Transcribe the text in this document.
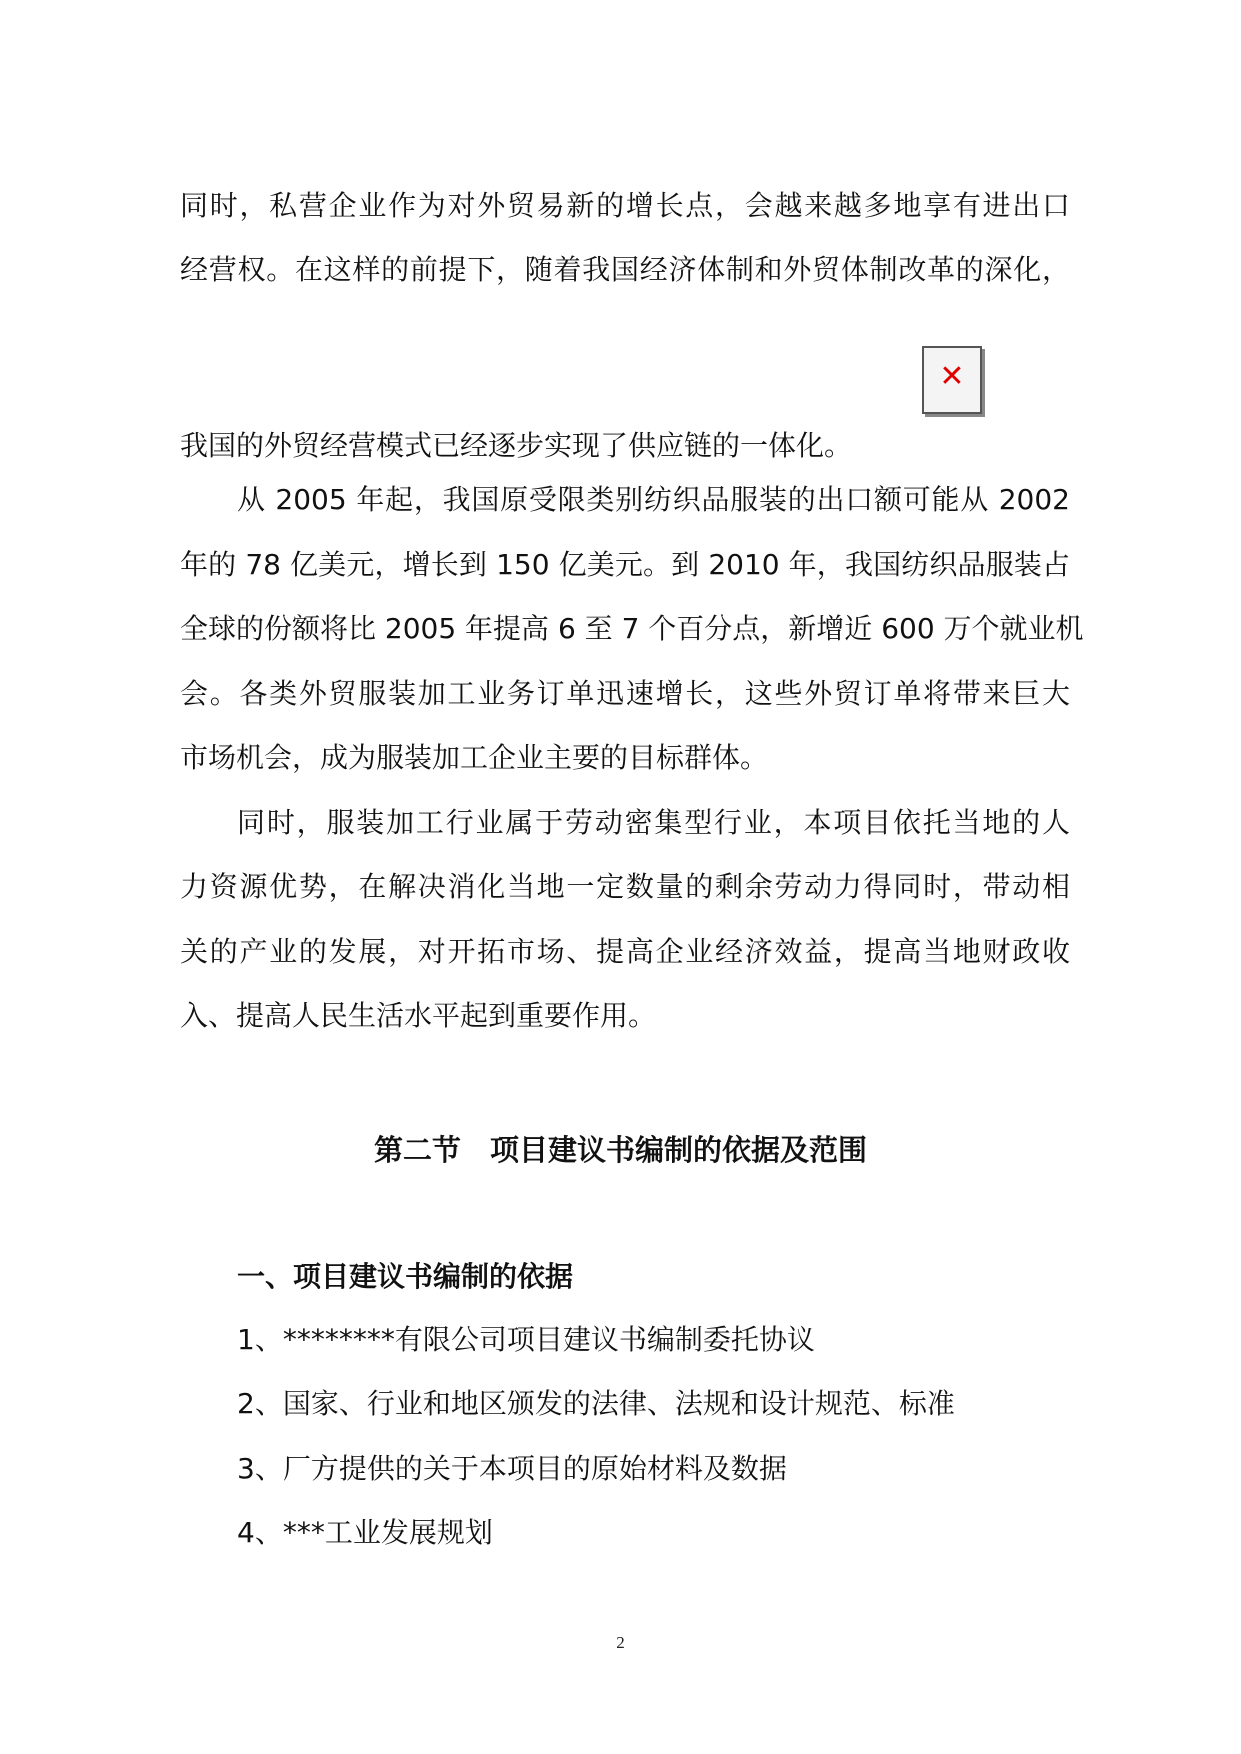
同时，私营企业作为对外贸易新的增长点，会越来越多地享有进出口
经营权。在这样的前提下，随着我国经济体制和外贸体制改革的深化，
✕
我国的外贸经营模式已经逐步实现了供应链的一体化。
从 2005 年起，我国原受限类别纺织品服装的出口额可能从 2002
年的 78 亿美元，增长到 150 亿美元。到 2010 年，我国纺织品服装占
全球的份额将比 2005 年提高 6 至 7 个百分点，新增近 600 万个就业机
会。各类外贸服装加工业务订单迅速增长，这些外贸订单将带来巨大
市场机会，成为服装加工企业主要的目标群体。
同时，服装加工行业属于劳动密集型行业，本项目依托当地的人
力资源优势，在解决消化当地一定数量的剩余劳动力得同时，带动相
关的产业的发展，对开拓市场、提高企业经济效益，提高当地财政收
入、提高人民生活水平起到重要作用。
第二节　项目建议书编制的依据及范围
一、项目建议书编制的依据
1、********有限公司项目建议书编制委托协议
2、国家、行业和地区颁发的法律、法规和设计规范、标准
3、厂方提供的关于本项目的原始材料及数据
4、***工业发展规划
2
